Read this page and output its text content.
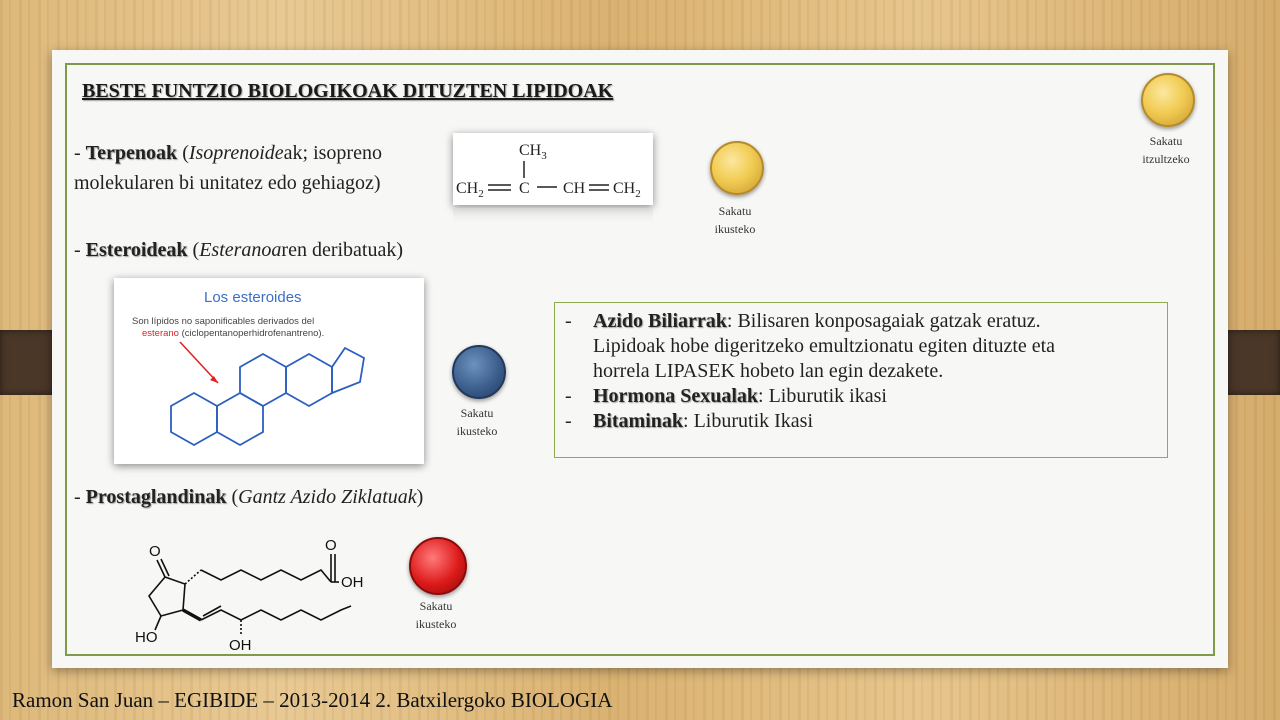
BESTE FUNTZIO BIOLOGIKOAK DITUZTEN LIPIDOAK
- Terpenoak (Isoprenoideak; isopreno
molekularen bi unitatez edo gehiagoz)
$CH_3$
$CH_2$ C CH $CH_2$
Sakatu
ikusteko
Sakatu
itzultzeko
- Esteroideak (Esteranoaren deribatuak)
Los esteroides
Son lípidos no saponificables derivados del
esterano (ciclopentanoperhidrofenantreno).
Sakatu
ikusteko
-	Azido Biliarrak: Bilisaren konposagaiak gatzak eratuz.
Lipidoak hobe digeritzeko emultzionatu egiten dituzte eta
horrela LIPASEK hobeto lan egin dezakete.
-	Hormona Sexualak: Liburutik ikasi
-	Bitaminak: Liburutik Ikasi
- Prostaglandinak (Gantz Azido Ziklatuak)
O	O
OH
HO	OH
Sakatu
ikusteko
Ramon San Juan – EGIBIDE – 2013-2014 2. Batxilergoko BIOLOGIA
